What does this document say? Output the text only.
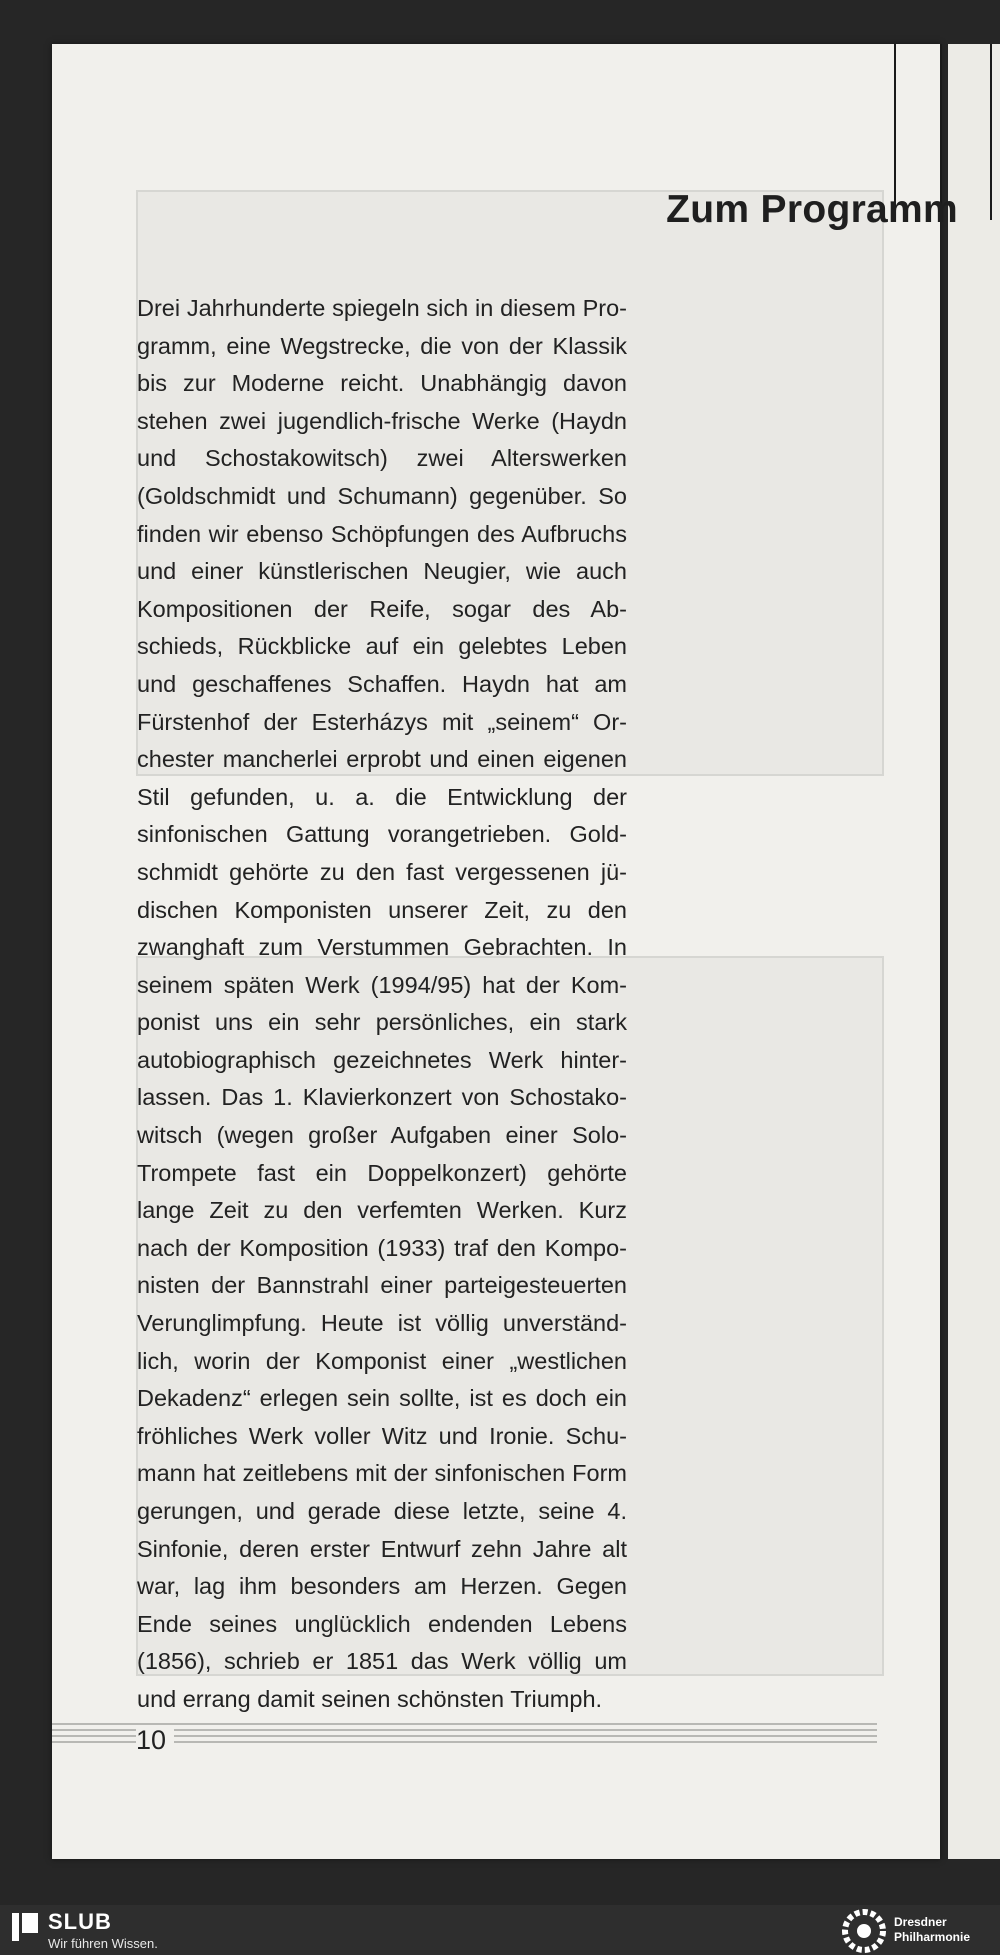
Zum Programm

Drei Jahrhunderte spiegeln sich in diesem Programm, eine Wegstrecke, die von der Klassik bis zur Moderne reicht. Unabhängig davon stehen zwei jugendlich-frische Werke (Haydn und Schostakowitsch) zwei Alterswerken (Goldschmidt und Schumann) gegenüber. So finden wir ebenso Schöpfungen des Aufbruchs und einer künstlerischen Neugier, wie auch Kompositionen der Reife, sogar des Abschieds, Rückblicke auf ein gelebtes Leben und geschaffenes Schaffen. Haydn hat am Fürstenhof der Esterházys mit „seinem“ Orchester mancherlei erprobt und einen eigenen Stil gefunden, u. a. die Entwicklung der sinfonischen Gattung vorangetrieben. Goldschmidt gehörte zu den fast vergessenen jüdischen Komponisten unserer Zeit, zu den zwanghaft zum Verstummen Gebrachten. In seinem späten Werk (1994/95) hat der Komponist uns ein sehr persönliches, ein stark autobiographisch gezeichnetes Werk hinterlassen. Das 1. Klavierkonzert von Schostakowitsch (wegen großer Aufgaben einer Solo-Trompete fast ein Doppelkonzert) gehörte lange Zeit zu den verfemten Werken. Kurz nach der Komposition (1933) traf den Komponisten der Bannstrahl einer parteigesteuerten Verunglimpfung. Heute ist völlig unverständlich, worin der Komponist einer „westlichen Dekadenz“ erlegen sein sollte, ist es doch ein fröhliches Werk voller Witz und Ironie. Schumann hat zeitlebens mit der sinfonischen Form gerungen, und gerade diese letzte, seine 4. Sinfonie, deren erster Entwurf zehn Jahre alt war, lag ihm besonders am Herzen. Gegen Ende seines unglücklich endenden Lebens (1856), schrieb er 1851 das Werk völlig um und errang damit seinen schönsten Triumph.

10
SLUB
Wir führen Wissen.
Dresdner
Philharmonie
